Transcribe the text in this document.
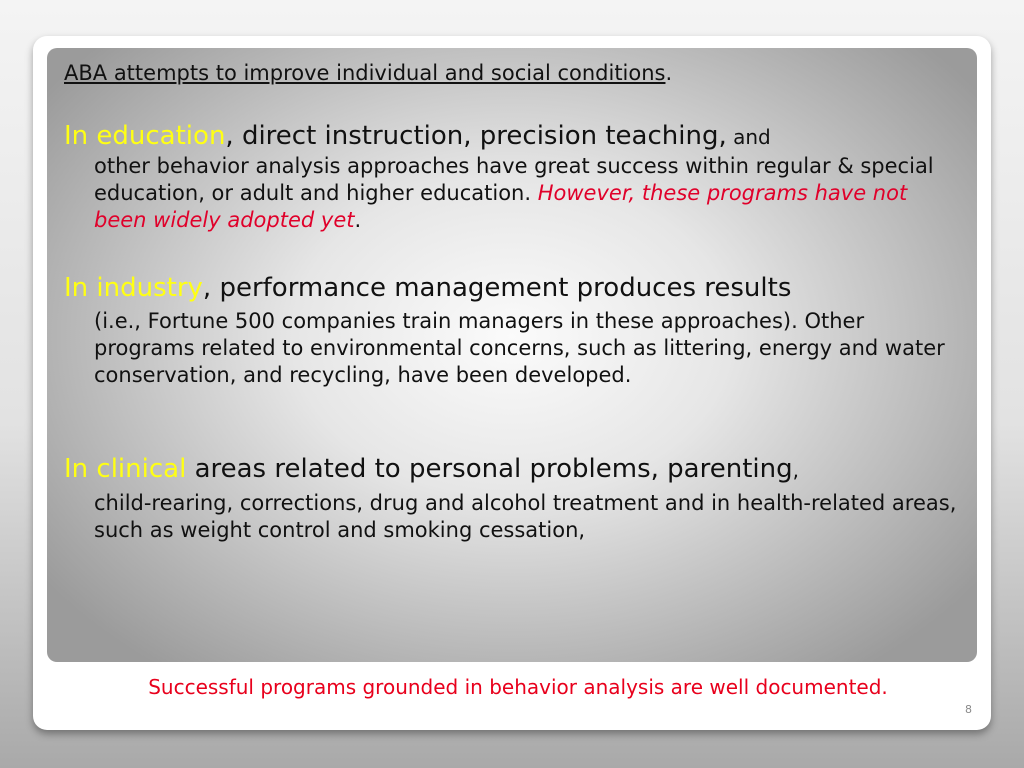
ABA attempts to improve individual and social conditions.

In education, direct instruction, precision teaching, and
other behavior analysis approaches have great success within regular & special education, or adult and higher education. However, these programs have not been widely adopted yet.

In industry, performance management produces results
(i.e., Fortune 500 companies train managers in these approaches). Other programs related to environmental concerns, such as littering, energy and water conservation, and recycling, have been developed.

In clinical areas related to personal problems, parenting,
child-rearing, corrections, drug and alcohol treatment and in health-related areas, such as weight control and smoking cessation,

Successful programs grounded in behavior analysis are well documented.

8
